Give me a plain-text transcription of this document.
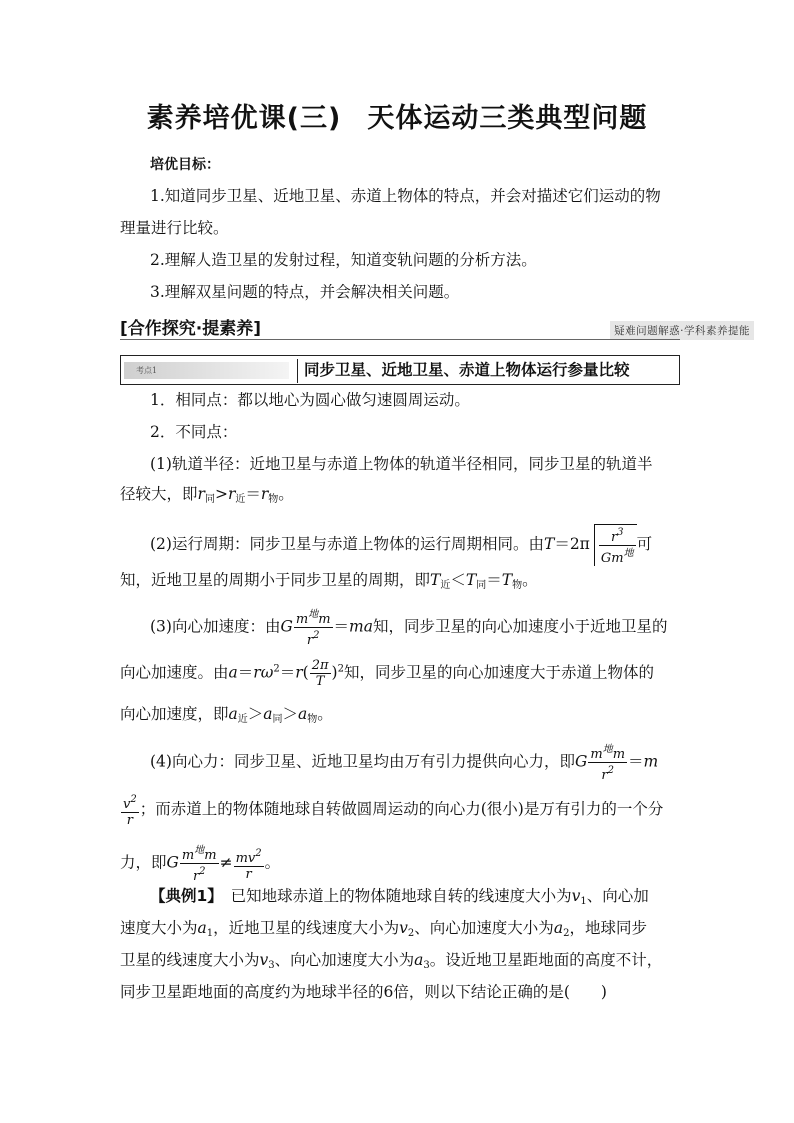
素养培优课(三) 天体运动三类典型问题
培优目标：
1.知道同步卫星、近地卫星、赤道上物体的特点，并会对描述它们运动的物
理量进行比较。
2.理解人造卫星的发射过程，知道变轨问题的分析方法。
3.理解双星问题的特点，并会解决相关问题。
[合作探究·提素养]	疑难问题解惑·学科素养提能
考点1	同步卫星、近地卫星、赤道上物体运行参量比较
1．相同点：都以地心为圆心做匀速圆周运动。
2．不同点：
(1)轨道半径：近地卫星与赤道上物体的轨道半径相同，同步卫星的轨道半
径较大，即$r_同>r_近=r_物$。
(2)运行周期：同步卫星与赤道上物体的运行周期相同。由$T=2\pi \frac{r^3}{Gm^地}$ 可
知，近地卫星的周期小于同步卫星的周期，即$T_近<T_同=T_物$。
(3)向心加速度：由G $\frac{m^地m}{r^2} =ma$知，同步卫星的向心加速度小于近地卫星的
向心加速度。由$a=r\omega^2=r( \frac{2\pi}{T} )^2$知，同步卫星的向心加速度大于赤道上物体的
向心加速度，即$a_近>a_同>a_物$。
(4)向心力：同步卫星、近地卫星均由万有引力提供向心力，即G $\frac{m^地m}{r^2} =m$
$\frac{v^2}{r}$ ；而赤道上的物体随地球自转做圆周运动的向心力(很小)是万有引力的一个分
力，即G $\frac{m^地m}{r^2} \ne \frac{mv^2}{r}$ 。
【典例1】　 已知地球赤道上的物体随地球自转的线速度大小为$v_1$、向心加
速度大小为$a_1$，近地卫星的线速度大小为$v_2$、向心加速度大小为$a_2$，地球同步
卫星的线速度大小为$v_3$、向心加速度大小为$a_3$。设近地卫星距地面的高度不计，
同步卫星距地面的高度约为地球半径的6倍，则以下结论正确的是(　　)
